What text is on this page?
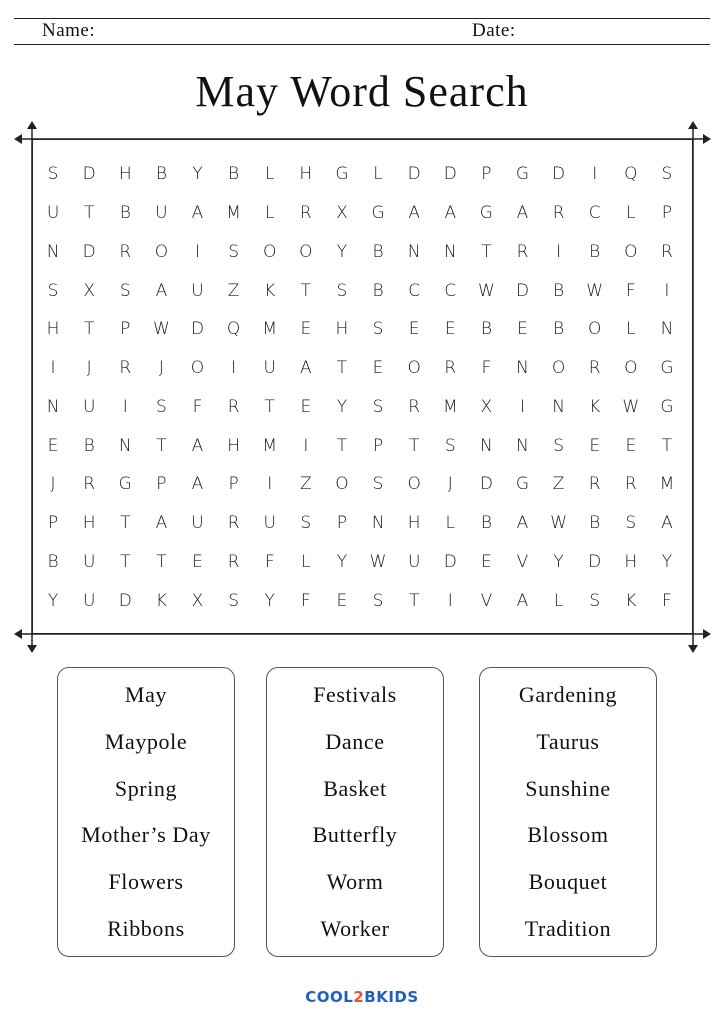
Name:	Date:
May Word Search
S	D	H	B	Y	B	L	H	G	L	D	D	P	G	D	I	Q	S
U	T	B	U	A	M	L	R	X	G	A	A	G	A	R	C	L	P
N	D	R	O	I	S	O	O	Y	B	N	N	T	R	I	B	O	R
S	X	S	A	U	Z	K	T	S	B	C	C	W	D	B	W	F	I
H	T	P	W	D	Q	M	E	H	S	E	E	B	E	B	O	L	N
I	J	R	J	O	I	U	A	T	E	O	R	F	N	O	R	O	G
N	U	I	S	F	R	T	E	Y	S	R	M	X	I	N	K	W	G
E	B	N	T	A	H	M	I	T	P	T	S	N	N	S	E	E	T
J	R	G	P	A	P	I	Z	O	S	O	J	D	G	Z	R	R	M
P	H	T	A	U	R	U	S	P	N	H	L	B	A	W	B	S	A
B	U	T	T	E	R	F	L	Y	W	U	D	E	V	Y	D	H	Y
Y	U	D	K	X	S	Y	F	E	S	T	I	V	A	L	S	K	F
May
Maypole
Spring
Mother’s Day
Flowers
Ribbons
Festivals
Dance
Basket
Butterfly
Worm
Worker
Gardening
Taurus
Sunshine
Blossom
Bouquet
Tradition
COOL2BKIDS
